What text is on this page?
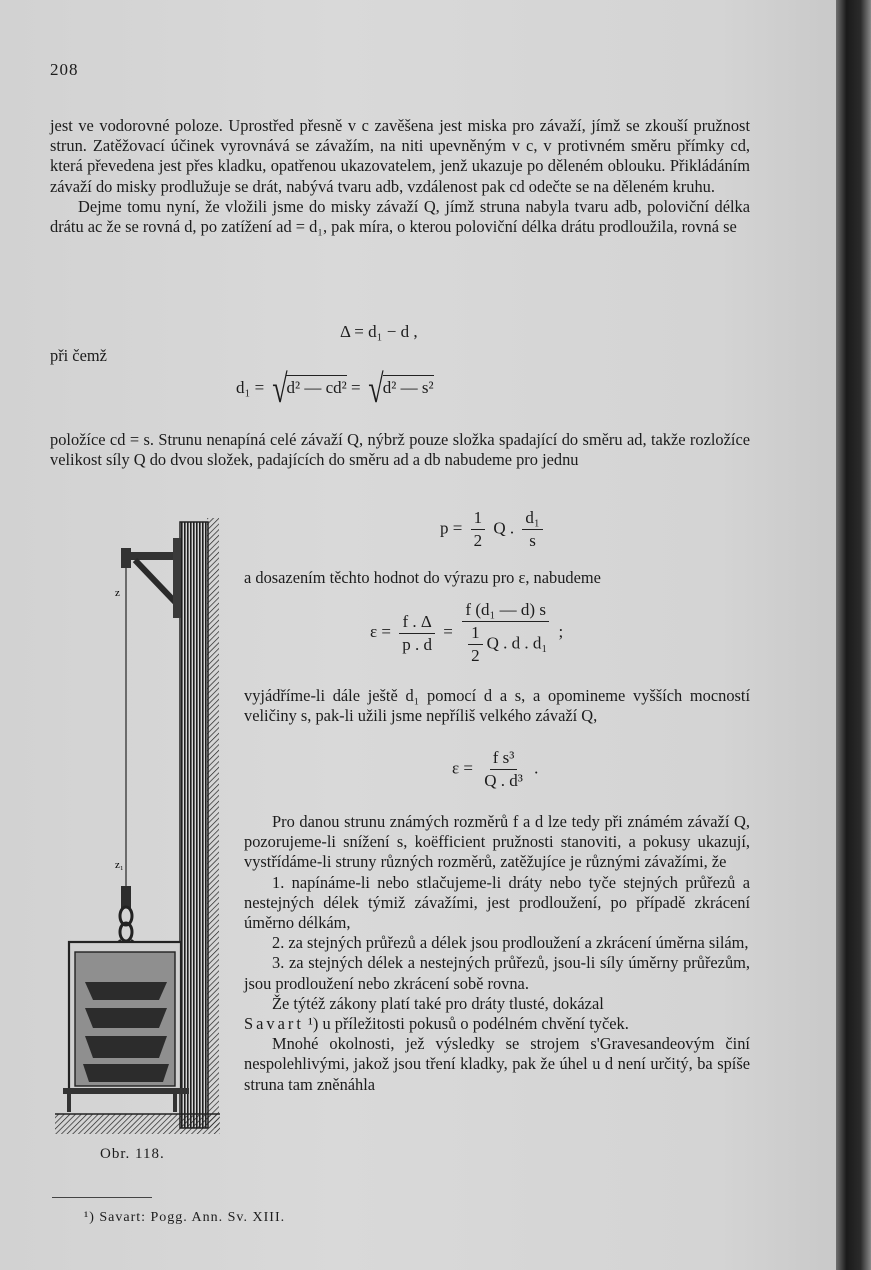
208

jest ve vodorovné poloze. Uprostřed přesně v c zavěšena jest miska pro závaží, jímž se zkouší pružnost strun. Zatěžovací účinek vyrovnává se závažím, na niti upevněným v c, v protivném směru přímky cd, která převedena jest přes kladku, opatřenou ukazovatelem, jenž ukazuje po děleném oblouku. Přikládáním závaží do misky prodlužuje se drát, nabývá tvaru adb, vzdálenost pak cd odečte se na děleném kruhu.

Dejme tomu nyní, že vložili jsme do misky závaží Q, jímž struna nabyla tvaru adb, poloviční délka drátu ac že se rovná d, po zatížení ad = d₁, pak míra, o kterou poloviční délka drátu prodloužila, rovná se

Δ = d₁ − d ,
při čemž
d₁ = √d² — cd² = √d² — s²

položíce cd = s. Strunu nenapíná celé závaží Q, nýbrž pouze složka spadající do směru ad, takže rozložíce velikost síly Q do dvou složek, padajících do směru ad a db nabudeme pro jednu

$p = \frac{1}{2}$ Q . $\frac{\text{d₁}}{s}$
a dosazením těchto hodnot do výrazu pro ε, nabudeme
$\varepsilon = \frac{f . \Delta}{p . d} = \frac{\text{f (d₁ — d) s}}{\frac{1}{2} Q . d . d_1}$ ;

vyjádříme-li dále ještě d₁ pomocí d a s, a opomineme vyšších mocností veličiny s, pak-li užili jsme nepříliš velkého závaží Q,

$\varepsilon = \frac{\text{f s³}}{\text{Q . d³}}$ .

Pro danou strunu známých rozměrů f a d lze tedy při známém závaží Q, pozorujeme-li snížení s, koëfficient pružnosti stanoviti, a pokusy ukazují, vystřídáme-li struny různých rozměrů, zatěžujíce je různými závažími, že

1. napínáme-li nebo stlačujeme-li dráty nebo tyče stejných průřezů a nestejných délek týmiž závažími, jest prodloužení, po případě zkrácení úměrno délkám,

2. za stejných průřezů a délek jsou prodloužení a zkrácení úměrna silám,

3. za stejných délek a nestejných průřezů, jsou-li síly úměrny průřezům, jsou prodloužení nebo zkrácení sobě rovna.

Že týtéž zákony platí také pro dráty tlusté, dokázal

Savart ¹) u příležitosti pokusů o podélném chvění tyček.

Mnohé okolnosti, jež výsledky se strojem s'Gravesandeovým činí nespolehlivými, jakož jsou tření kladky, pak že úhel u d není určitý, ba spíše struna tam zněnáhla

z
z₁
Obr. 118.
¹) Savart: Pogg. Ann. Sv. XIII.
